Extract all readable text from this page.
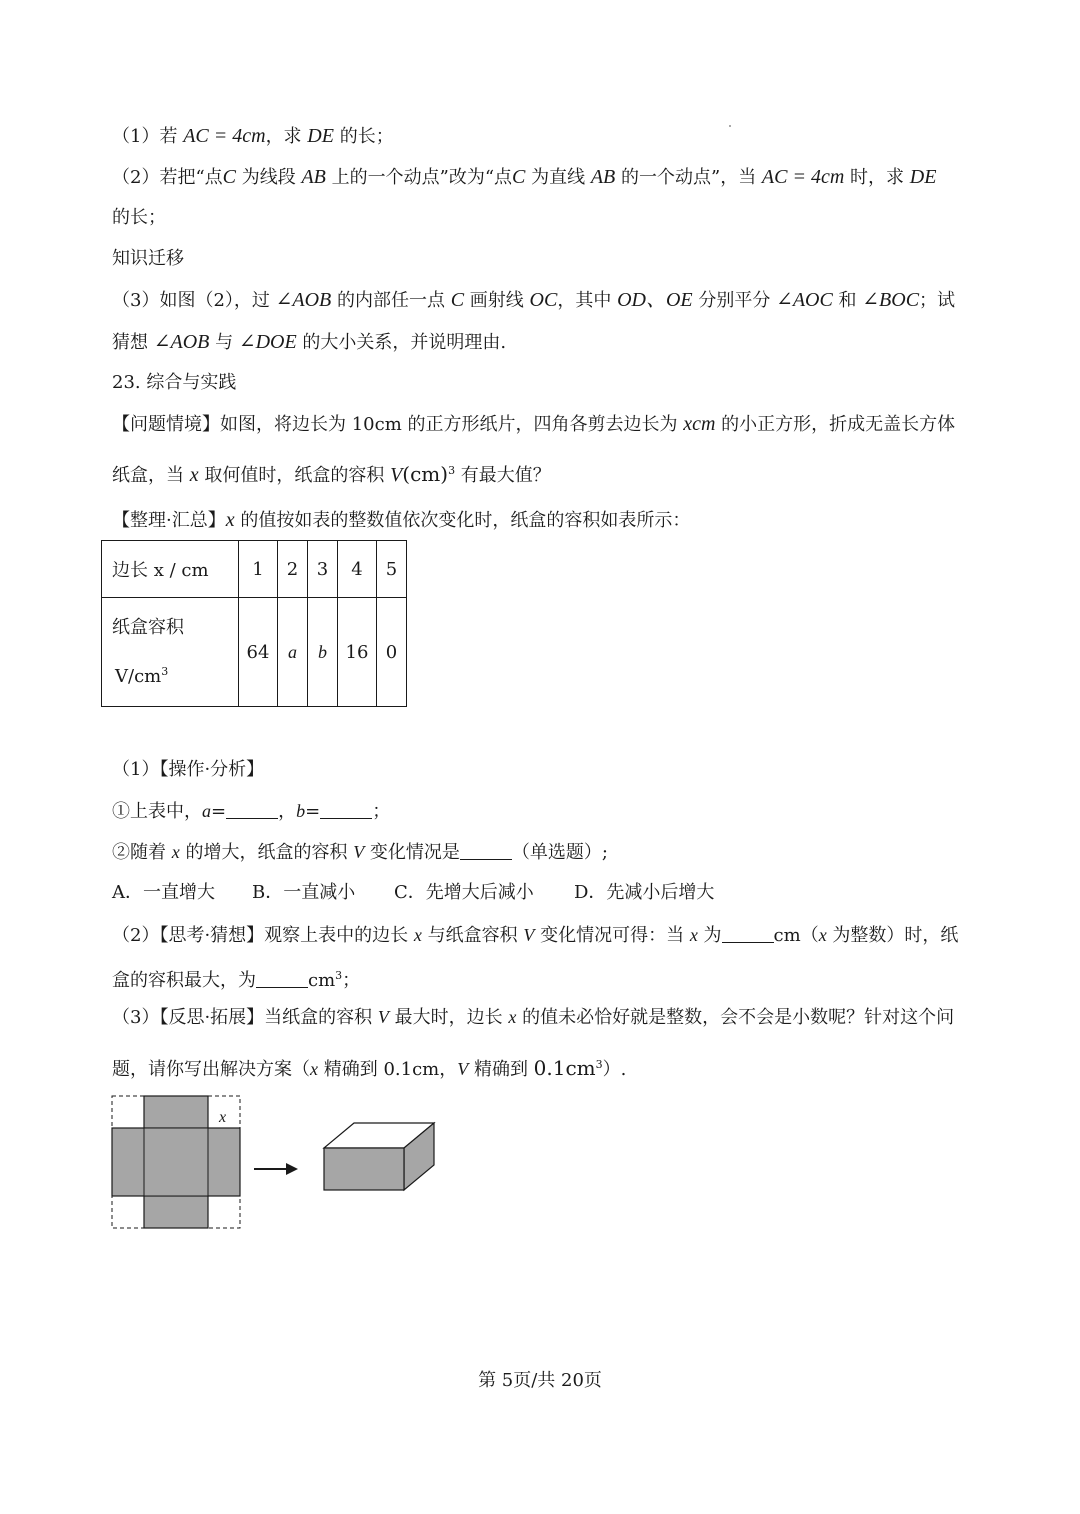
（1）若 AC = 4cm，求 DE 的长；
（2）若把“点C 为线段 AB 上的一个动点”改为“点C 为直线 AB 的一个动点”，当 AC = 4cm 时，求 DE
的长；
知识迁移
（3）如图（2），过 ∠AOB 的内部任一点 C 画射线 OC，其中 OD、OE 分别平分 ∠AOC 和 ∠BOC；试
猜想 ∠AOB 与 ∠DOE 的大小关系，并说明理由.
23. 综合与实践
【问题情境】如图，将边长为 10cm 的正方形纸片，四角各剪去边长为 xcm 的小正方形，折成无盖长方体
纸盒，当 x 取何值时，纸盒的容积 V(cm)$^3$ 有最大值？
【整理·汇总】x 的值按如表的整数值依次变化时，纸盒的容积如表所示：
边长 x / cm	1	2	3	4	5

纸盒容积
$V/cm^3$	64	a	b	16	0
（1）【操作·分析】
①上表中，a=	，b=	；
②随着 x 的增大，纸盒的容积 V 变化情况是	（单选题）;
A．一直增大 B．一直减小 C．先增大后减小 D．先减小后增大
（2）【思考·猜想】观察上表中的边长 x 与纸盒容积 V 变化情况可得：当 x 为	cm（x 为整数）时，纸
盒的容积最大，为	$cm^3$；
（3）【反思·拓展】当纸盒的容积 V 最大时，边长 x 的值未必恰好就是整数，会不会是小数呢？针对这个问
题，请你写出解决方案（x 精确到 0.1cm，V 精确到 $0.1cm^3$）.
x
第 5页/共 20页
